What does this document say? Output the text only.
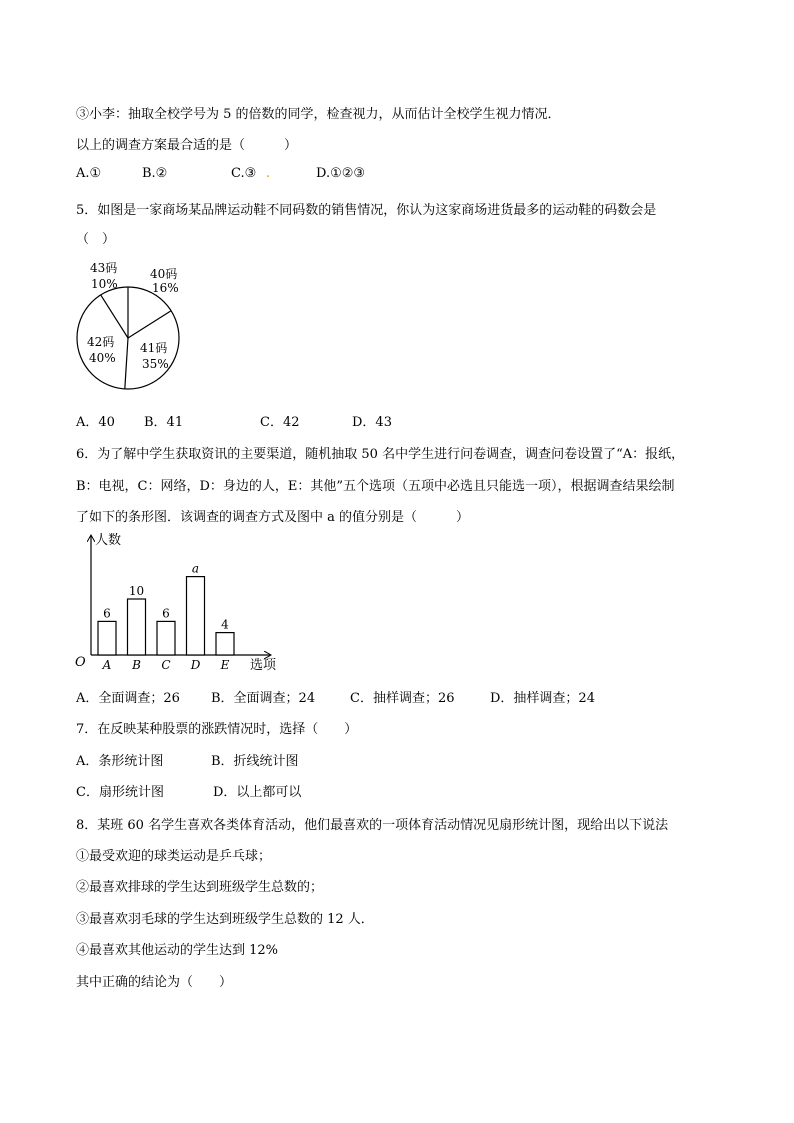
③小李：抽取全校学号为 5 的倍数的同学，检查视力，从而估计全校学生视力情况．
以上的调查方案最合适的是（　　　）
A.①	B.②	C.③ .	D.①②③
5．如图是一家商场某品牌运动鞋不同码数的销售情况，你认为这家商场进货最多的运动鞋的码数会是
（　）
43码
10%
40码
16%
42码
40%
41码
35%
A．40 B．41	C．42	D．43
6．为了解中学生获取资讯的主要渠道，随机抽取 50 名中学生进行问卷调查，调查问卷设置了“A：报纸，
B：电视，C：网络，D：身边的人，E：其他”五个选项（五项中必选且只能选一项），根据调查结果绘制
了如下的条形图．该调查的调查方式及图中 a 的值分别是（　　　）
人数
选项
O
6
A
10
B
6
C
a
D
4
E
A．全面调查；26 B．全面调查；24	C．抽样调查；26	D．抽样调查；24
7．在反映某种股票的涨跌情况时，选择（　　）
A．条形统计图	B．折线统计图
C．扇形统计图	D．以上都可以
8．某班 60 名学生喜欢各类体育活动，他们最喜欢的一项体育活动情况见扇形统计图，现给出以下说法
①最受欢迎的球类运动是乒乓球；
②最喜欢排球的学生达到班级学生总数的；
③最喜欢羽毛球的学生达到班级学生总数的 12 人．
④最喜欢其他运动的学生达到 12%
其中正确的结论为（　　）
